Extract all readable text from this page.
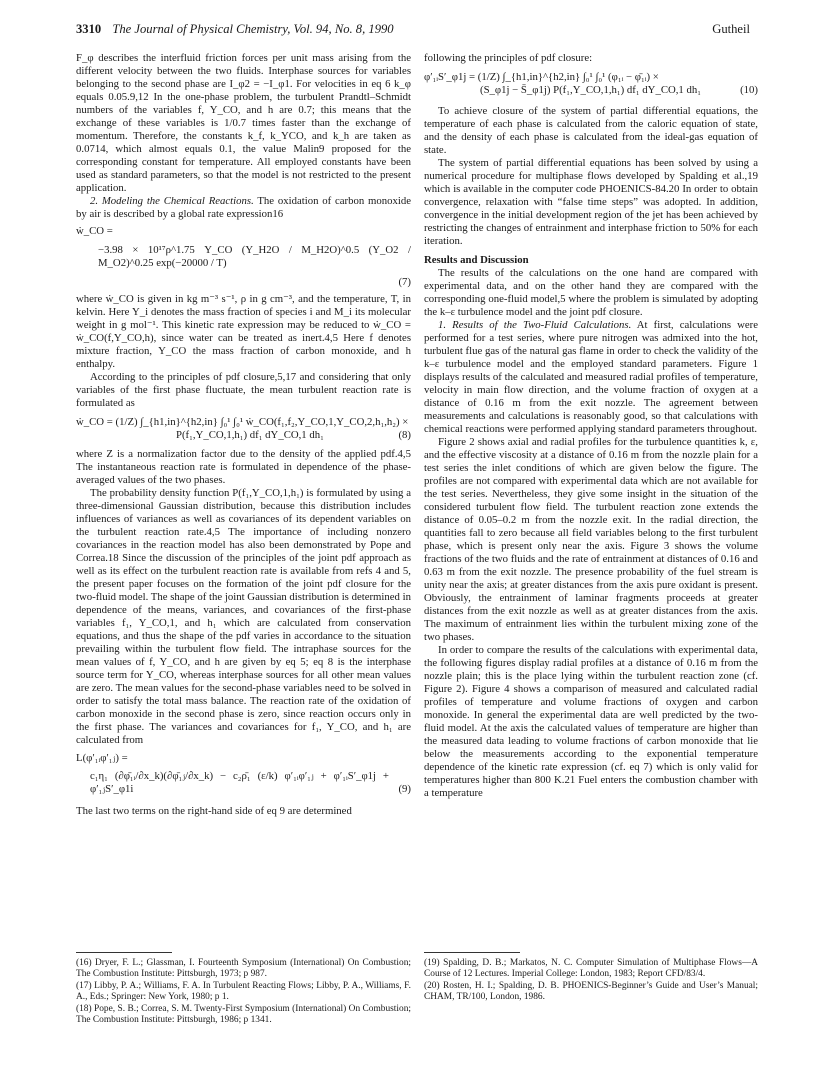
3310 The Journal of Physical Chemistry, Vol. 94, No. 8, 1990	Gutheil

F_φ describes the interfluid friction forces per unit mass arising from the different velocity between the two fluids. Interphase sources for variables belonging to the second phase are I_φ2 = −I_φ1. For velocities in eq 6 k_φ equals 0.05.9,12 In the one-phase problem, the turbulent Prandtl–Schmidt numbers of the variables f, Y_CO, and h are 0.7; this means that the exchange of these variables is 1/0.7 times faster than the exchange of momentum. Therefore, the constants k_f, k_YCO, and k_h are taken as 0.0714, which almost equals 0.1, the value Malin9 proposed for the corresponding constant for temperature. All employed constants have been used as standard parameters, so that the model is not restricted to the present application.

2. Modeling the Chemical Reactions. The oxidation of carbon monoxide by air is described by a global rate expression16

ẇ_CO =
−3.98 × 10¹⁷ρ^1.75 Y_CO (Y_H2O / M_H2O)^0.5 (Y_O2 / M_O2)^0.25 exp(−20000 / T)
(7)

where ẇ_CO is given in kg m⁻³ s⁻¹, ρ in g cm⁻³, and the temperature, T, in kelvin. Here Y_i denotes the mass fraction of species i and M_i its molecular weight in g mol⁻¹. This kinetic rate expression may be reduced to ẇ_CO = ẇ_CO(f,Y_CO,h), since water can be treated as inert.4,5 Here f denotes mixture fraction, Y_CO the mass fraction of carbon monoxide, and h enthalpy.

According to the principles of pdf closure,5,17 and considering that only variables of the first phase fluctuate, the mean turbulent reaction rate is formulated as

ẇ_CO = (1/Z) ∫_{h1,in}^{h2,in} ∫₀¹ ∫₀¹ ẇ_CO(f₁,f₂,Y_CO,1,Y_CO,2,h₁,h₂) ×
P(f₁,Y_CO,1,h₁) df₁ dY_CO,1 dh₁	(8)

where Z is a normalization factor due to the density of the applied pdf.4,5 The instantaneous reaction rate is formulated in dependence of the phase-averaged values of the two phases.

The probability density function P(f₁,Y_CO,1,h₁) is formulated by using a three-dimensional Gaussian distribution, because this distribution includes influences of variances as well as covariances of its dependent variables on the turbulent reaction rate.4,5 The importance of including nonzero covariances in the reaction model has also been demonstrated by Pope and Correa.18 Since the discussion of the principles of the joint pdf approach as well as its effect on the turbulent reaction rate is available from refs 4 and 5, the present paper focuses on the formation of the joint pdf closure for the two-fluid model. The shape of the joint Gaussian distribution is determined in dependence of the means, variances, and covariances of the first-phase variables f₁, Y_CO,1, and h₁ which are calculated from conservation equations, and thus the shape of the pdf varies in accordance to the situation prevailing within the turbulent flow field. The intraphase sources for the mean values of f, Y_CO, and h are given by eq 5; eq 8 is the interphase source term for Y_CO, whereas interphase sources for all other mean values are zero. The mean values for the second-phase variables need to be solved in order to satisfy the total mass balance. The reaction rate of the oxidation of carbon monoxide in the second phase is zero, since reaction occurs only in the first phase. The variances and covariances for f₁, Y_CO, and h₁ are calculated from

L(φ′₁ᵢφ′₁ⱼ) =
c₁η₁ (∂φ̄₁ᵢ/∂x_k)(∂φ̄₁ⱼ/∂x_k) − c₂ρ̄₁ (ε/k) φ′₁ᵢφ′₁ⱼ + φ′₁ᵢS′_φ1j + φ′₁ⱼS′_φ1i	(9)

The last two terms on the right-hand side of eq 9 are determined

following the principles of pdf closure:

φ′₁ᵢS′_φ1j = (1/Z) ∫_{h1,in}^{h2,in} ∫₀¹ ∫₀¹ (φ₁ᵢ − φ̄₁ᵢ) ×
(S_φ1j − S̄_φ1j) P(f₁,Y_CO,1,h₁) df₁ dY_CO,1 dh₁	(10)

To achieve closure of the system of partial differential equations, the temperature of each phase is calculated from the caloric equation of state, and the density of each phase is calculated from the ideal-gas equation of state.

The system of partial differential equations has been solved by using a numerical procedure for multiphase flows developed by Spalding et al.,19 which is available in the computer code PHOENICS-84.20 In order to obtain convergence, relaxation with “false time steps” was adopted. In addition, convergence in the initial development region of the jet has been achieved by restricting the changes of entrainment and interphase friction to 50% for each iteration.

Results and Discussion

The results of the calculations on the one hand are compared with experimental data, and on the other hand they are compared with the corresponding one-fluid model,5 where the problem is simulated by adopting the k–ε turbulence model and the joint pdf closure.

1. Results of the Two-Fluid Calculations. At first, calculations were performed for a test series, where pure nitrogen was admixed into the hot, turbulent flue gas of the natural gas flame in order to check the validity of the k–ε turbulence model and the employed standard parameters. Figure 1 displays results of the calculated and measured radial profiles of temperature, velocity in main flow direction, and the volume fraction of oxygen at a distance of 0.16 m from the exit nozzle. The agreement between measurements and calculations is reasonably good, so that calculations with chemical reactions were performed applying standard parameters throughout.

Figure 2 shows axial and radial profiles for the turbulence quantities k, ε, and the effective viscosity at a distance of 0.16 m from the nozzle plain for a test series the inlet conditions of which are given below the figure. The profiles are not compared with experimental data which are not available for the test series. Nevertheless, they give some insight in the situation of the considered turbulent flow field. The turbulent reaction zone extends the distance of 0.05–0.2 m from the nozzle exit. In the radial direction, the quantities fall to zero because all field variables belong to the first turbulent phase, which is present only near the axis. Figure 3 shows the volume fractions of the two fluids and the rate of entrainment at distances of 0.16 and 0.63 m from the exit nozzle. The presence probability of the fuel stream is unity near the axis; at greater distances from the axis pure oxidant is present. Obviously, the entrainment of laminar fragments proceeds at greater distances from the exit nozzle as well as at greater distances from the axis. The maximum of entrainment lies within the turbulent mixing zone of the two phases.

In order to compare the results of the calculations with experimental data, the following figures display radial profiles at a distance of 0.16 m from the nozzle plain; this is the place lying within the turbulent reaction zone (cf. Figure 2). Figure 4 shows a comparison of measured and calculated radial profiles of temperature and volume fractions of oxygen and carbon monoxide. In general the experimental data are well predicted by the two-fluid model. At the axis the calculated values of temperature are higher than the measured data leading to volume fractions of carbon monoxide that lie below the measurements according to the exponential temperature dependence of the kinetic rate expression (cf. eq 7) which is only valid for temperatures higher than 800 K.21 Fuel enters the combustion chamber with a temperature

(16) Dryer, F. L.; Glassman, I. Fourteenth Symposium (International) On Combustion; The Combustion Institute: Pittsburgh, 1973; p 987.

(17) Libby, P. A.; Williams, F. A. In Turbulent Reacting Flows; Libby, P. A., Williams, F. A., Eds.; Springer: New York, 1980; p 1.

(18) Pope, S. B.; Correa, S. M. Twenty-First Symposium (International) On Combustion; The Combustion Institute: Pittsburgh, 1986; p 1341.

(19) Spalding, D. B.; Markatos, N. C. Computer Simulation of Multiphase Flows—A Course of 12 Lectures. Imperial College: London, 1983; Report CFD/83/4.

(20) Rosten, H. I.; Spalding, D. B. PHOENICS-Beginner’s Guide and User’s Manual; CHAM, TR/100, London, 1986.
